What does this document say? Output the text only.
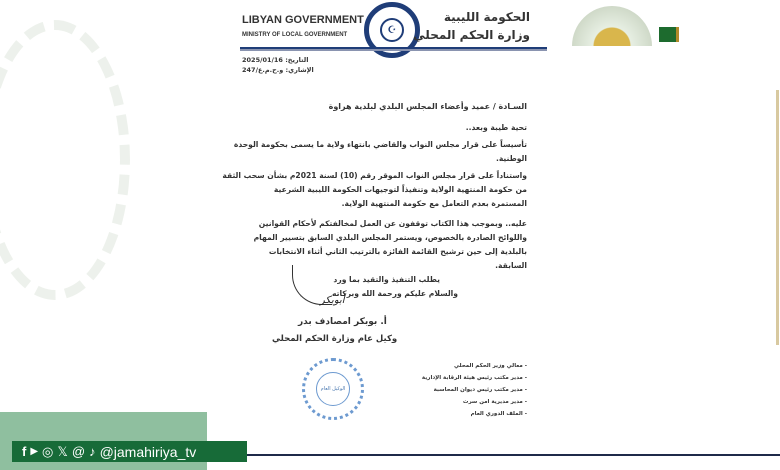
LIBYAN GOVERNMENT
MINISTRY OF LOCAL GOVERNMENT	☪
الحكومة الليبية
وزارة الحكم المحلي
التاريخ: 2025/01/16
الإشاري: و.ح.م.ع/247
السـادة / عميد وأعضاء المجلس البلدي لبلدية هراوة
تحية طيبة وبعد..
تأسيساً على قرار مجلس النواب والقاضي بانتهاء ولاية ما يسمى بحكومة الوحدة
الوطنية.
واستناداً على قرار مجلس النواب الموقر رقم (10) لسنة 2021م بشأن سحب الثقة
من حكومة المنتهية الولاية وتنفيذاً لتوجيهات الحكومة الليبية الشرعية
المستمرة بعدم التعامل مع حكومة المنتهية الولاية.
عليه.. وبموجب هذا الكتاب توقفون عن العمل لمخالفتكم لأحكام القوانين
واللوائح الصادرة بالخصوص، ويستمر المجلس البلدي السابق بتسيير المهام
بالبلدية إلى حين ترشيح القائمة الفائزة بالترتيب الثاني أثناء الانتخابات
السابقة.
يطلب التنفيذ والتقيد بما ورد
والسلام عليكم ورحمة الله وبركاته
أبوبكر
أ. بوبكر امصادف بدر
وكيل عام وزارة الحكم المحلي
الوكيل العام
- معالي وزير الحكم المحلي
- مدير مكتب رئيس هيئة الرقابة الإدارية
- مدير مكتب رئيس ديوان المحاسبة
- مدير مديرية امن سرت
- الملف الدوري العام
f ▶ ◎ 𝕏 @ ♪ @jamahiriya_tv
